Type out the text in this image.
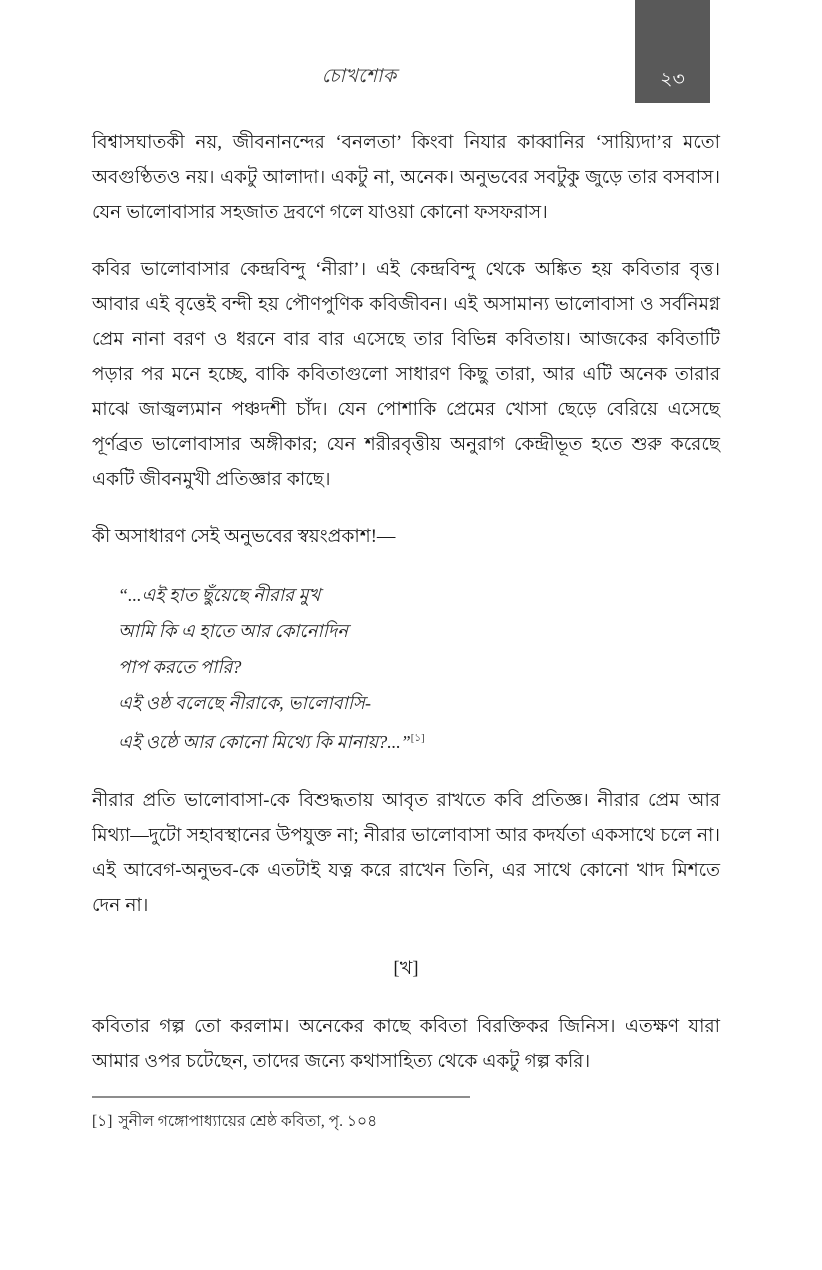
২৩
চোখশোক

বিশ্বাসঘাতকী নয়, জীবনানন্দের ‘বনলতা’ কিংবা নিযার কাব্বানির ‘সায়্যিদা’র মতো অবগুণ্ঠিতও নয়। একটু আলাদা। একটু না, অনেক। অনুভবের সবটুকু জুড়ে তার বসবাস। যেন ভালোবাসার সহজাত দ্রবণে গলে যাওয়া কোনো ফসফরাস।

কবির ভালোবাসার কেন্দ্রবিন্দু ‘নীরা’। এই কেন্দ্রবিন্দু থেকে অঙ্কিত হয় কবিতার বৃত্ত। আবার এই বৃত্তেই বন্দী হয় পৌণপুণিক কবিজীবন। এই অসামান্য ভালোবাসা ও সর্বনিমগ্ন প্রেম নানা বরণ ও ধরনে বার বার এসেছে তার বিভিন্ন কবিতায়। আজকের কবিতাটি পড়ার পর মনে হচ্ছে, বাকি কবিতাগুলো সাধারণ কিছু তারা, আর এটি অনেক তারার মাঝে জাজ্বল্যমান পঞ্চদশী চাঁদ। যেন পোশাকি প্রেমের খোসা ছেড়ে বেরিয়ে এসেছে পূর্ণব্রত ভালোবাসার অঙ্গীকার; যেন শরীরবৃত্তীয় অনুরাগ কেন্দ্রীভূত হতে শুরু করেছে একটি জীবনমুখী প্রতিজ্ঞার কাছে।

কী অসাধারণ সেই অনুভবের স্বয়ংপ্রকাশ!—

“...এই হাত ছুঁয়েছে নীরার মুখ
আমি কি এ হাতে আর কোনোদিন
পাপ করতে পারি?
এই ওষ্ঠ বলেছে নীরাকে, ভালোবাসি-
এই ওষ্ঠে আর কোনো মিথ্যে কি মানায়?...”[১]

নীরার প্রতি ভালোবাসা-কে বিশুদ্ধতায় আবৃত রাখতে কবি প্রতিজ্ঞ। নীরার প্রেম আর মিথ্যা—দুটো সহাবস্থানের উপযুক্ত না; নীরার ভালোবাসা আর কদর্যতা একসাথে চলে না। এই আবেগ-অনুভব-কে এতটাই যত্ন করে রাখেন তিনি, এর সাথে কোনো খাদ মিশতে দেন না।

[খ]

কবিতার গল্প তো করলাম। অনেকের কাছে কবিতা বিরক্তিকর জিনিস। এতক্ষণ যারা আমার ওপর চটেছেন, তাদের জন্যে কথাসাহিত্য থেকে একটু গল্প করি।

[১] সুনীল গঙ্গোপাধ্যায়ের শ্রেষ্ঠ কবিতা, পৃ. ১০৪
